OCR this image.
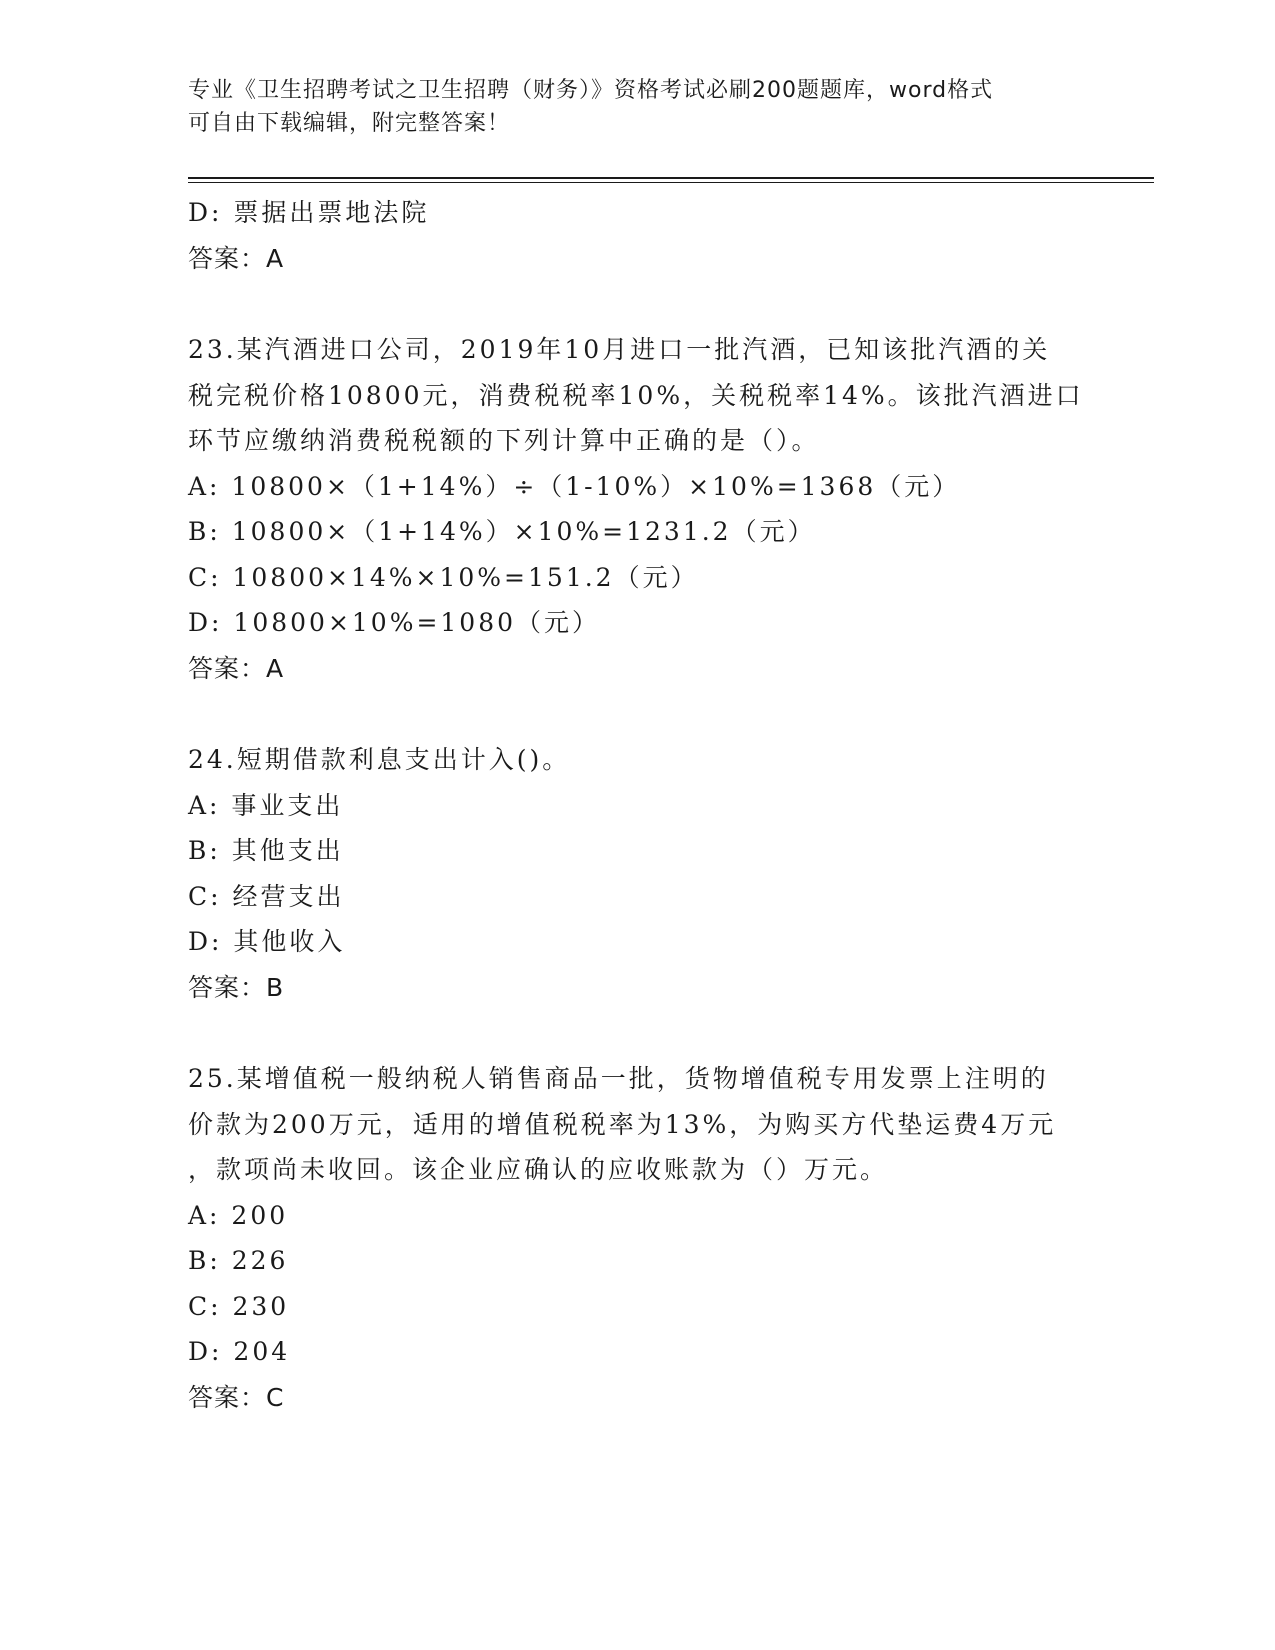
专业《卫生招聘考试之卫生招聘（财务）》资格考试必刷200题题库，word格式
可自由下载编辑，附完整答案！
D: 票据出票地法院
答案：A
23.某汽酒进口公司，2019年10月进口一批汽酒，已知该批汽酒的关
税完税价格10800元，消费税税率10%，关税税率14%。该批汽酒进口
环节应缴纳消费税税额的下列计算中正确的是（）。
A: 10800×（1+14%）÷（1-10%）×10%=1368（元）
B: 10800×（1+14%）×10%=1231.2（元）
C: 10800×14%×10%=151.2（元）
D: 10800×10%=1080（元）
答案：A
24.短期借款利息支出计入()。
A: 事业支出
B: 其他支出
C: 经营支出
D: 其他收入
答案：B
25.某增值税一般纳税人销售商品一批，货物增值税专用发票上注明的
价款为200万元，适用的增值税税率为13%，为购买方代垫运费4万元
，款项尚未收回。该企业应确认的应收账款为（）万元。
A: 200
B: 226
C: 230
D: 204
答案：C
